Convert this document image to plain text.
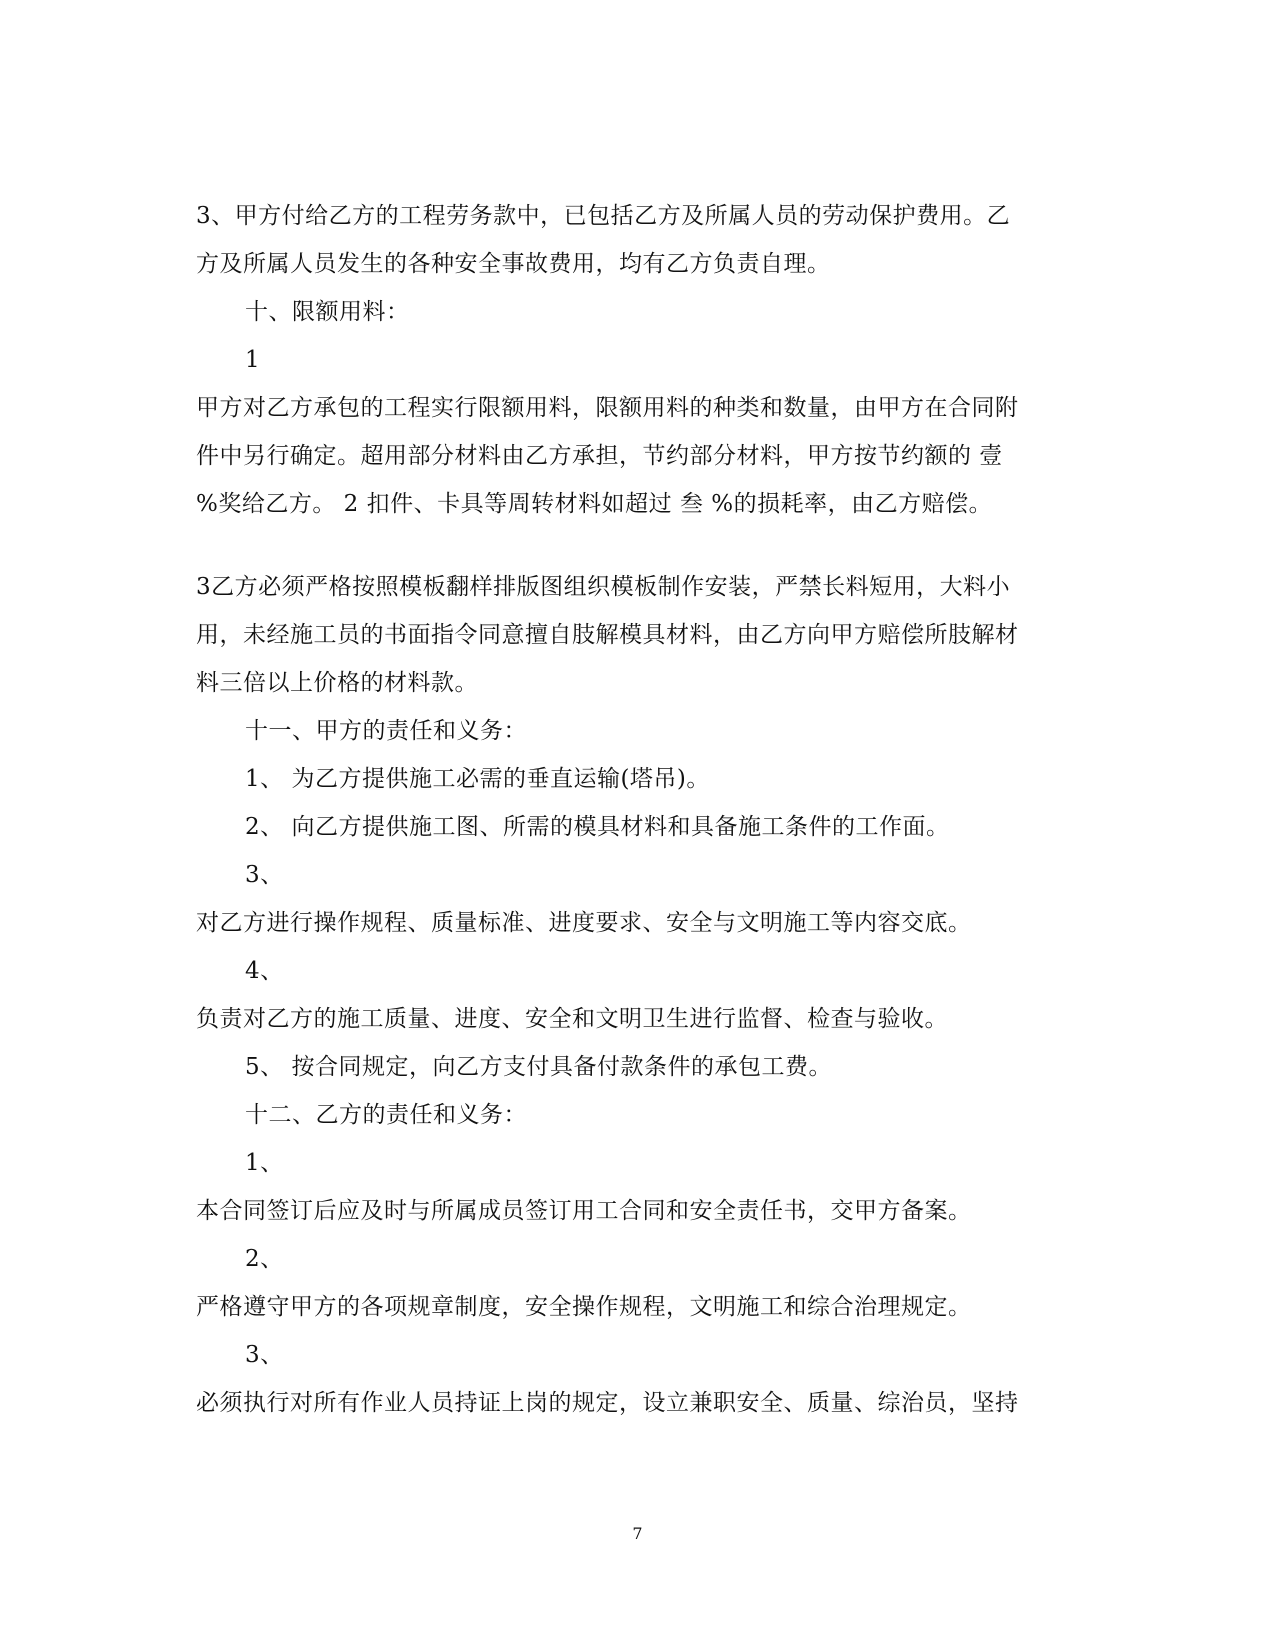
3、甲方付给乙方的工程劳务款中，已包括乙方及所属人员的劳动保护费用。乙
方及所属人员发生的各种安全事故费用，均有乙方负责自理。
十、限额用料：
1
甲方对乙方承包的工程实行限额用料，限额用料的种类和数量，由甲方在合同附
件中另行确定。超用部分材料由乙方承担，节约部分材料，甲方按节约额的 壹
%奖给乙方。 2 扣件、卡具等周转材料如超过 叁 %的损耗率，由乙方赔偿。
3乙方必须严格按照模板翻样排版图组织模板制作安装，严禁长料短用，大料小
用，未经施工员的书面指令同意擅自肢解模具材料，由乙方向甲方赔偿所肢解材
料三倍以上价格的材料款。
十一、甲方的责任和义务：
1、 为乙方提供施工必需的垂直运输(塔吊)。
2、 向乙方提供施工图、所需的模具材料和具备施工条件的工作面。
3、
对乙方进行操作规程、质量标准、进度要求、安全与文明施工等内容交底。
4、
负责对乙方的施工质量、进度、安全和文明卫生进行监督、检查与验收。
5、 按合同规定，向乙方支付具备付款条件的承包工费。
十二、乙方的责任和义务：
1、
本合同签订后应及时与所属成员签订用工合同和安全责任书，交甲方备案。
2、
严格遵守甲方的各项规章制度，安全操作规程，文明施工和综合治理规定。
3、
必须执行对所有作业人员持证上岗的规定，设立兼职安全、质量、综治员，坚持
7
